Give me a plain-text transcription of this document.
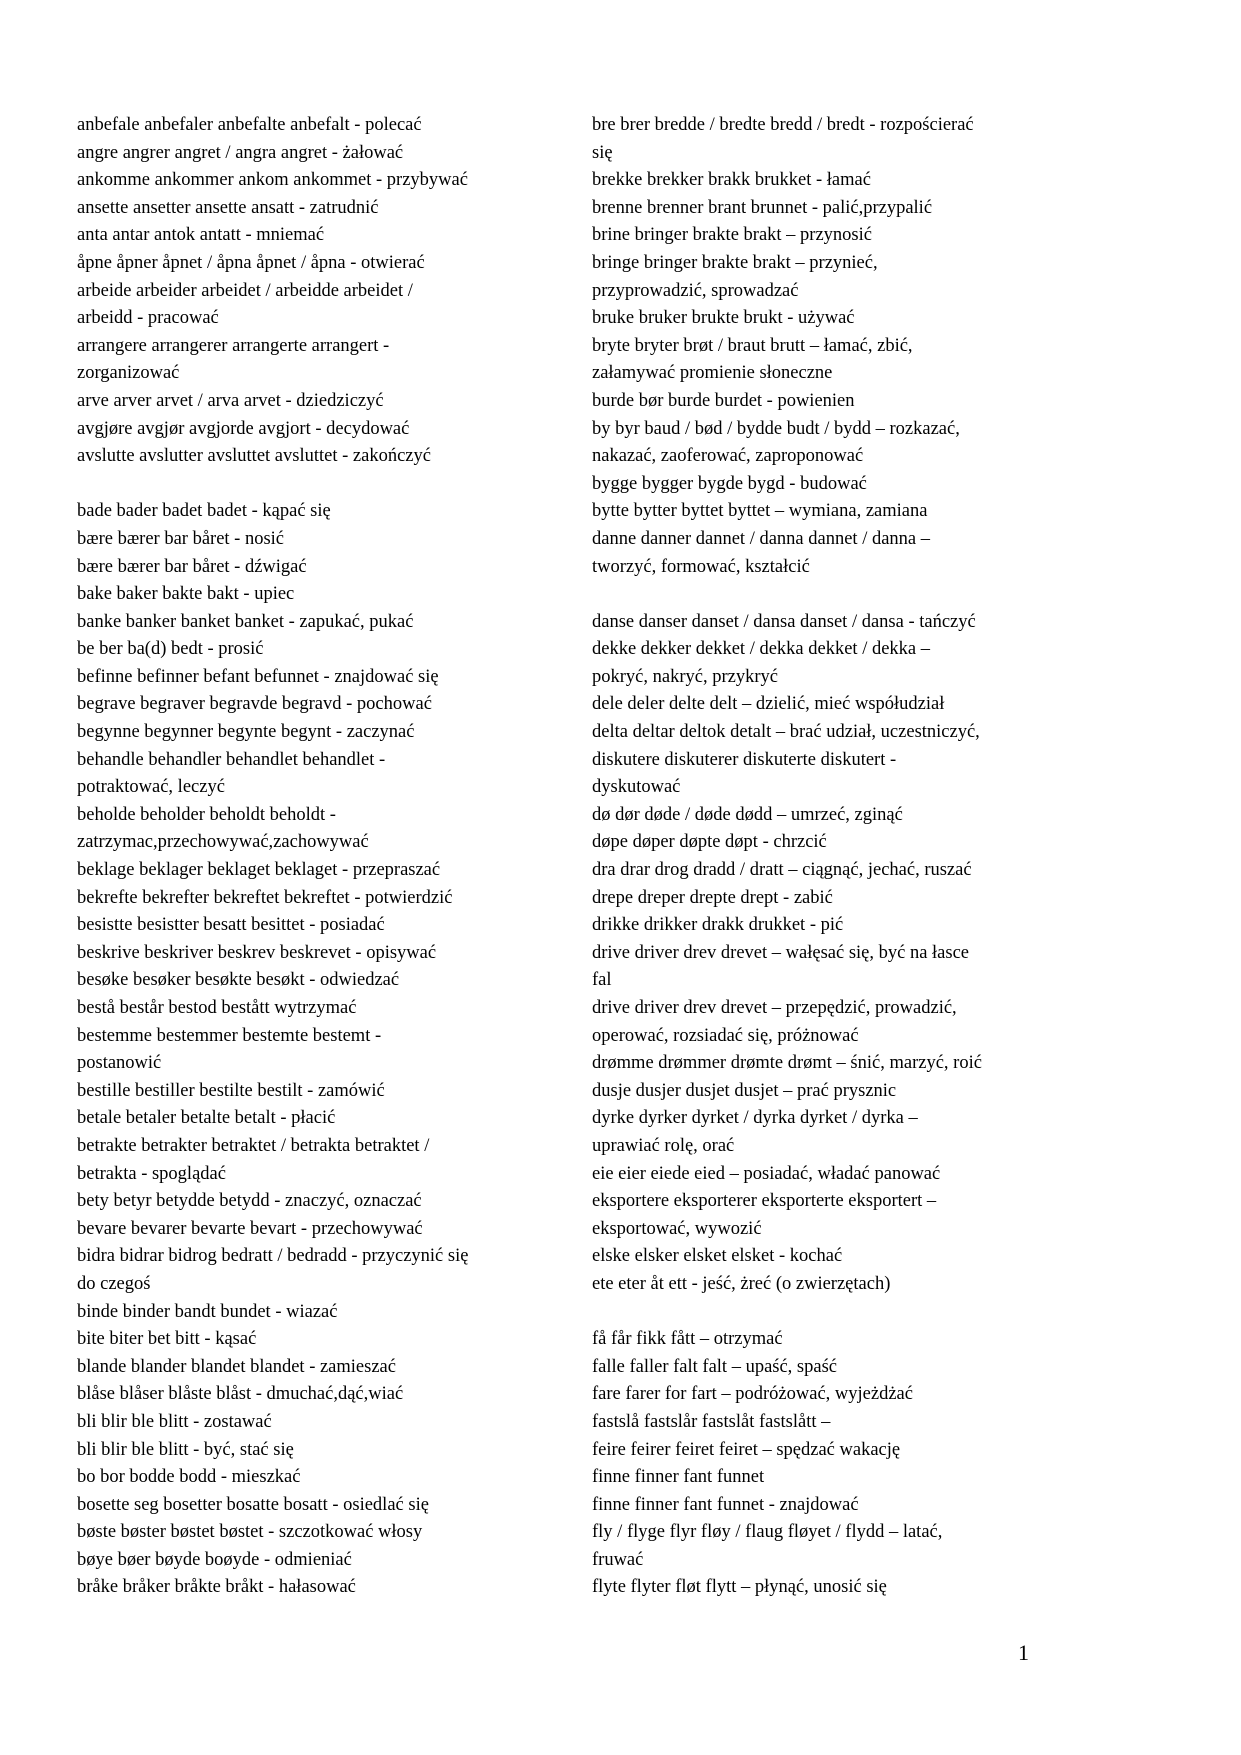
anbefale anbefaler anbefalte anbefalt - polecać
angre angrer angret / angra angret - żałować
ankomme ankommer ankom ankommet - przybywać
ansette ansetter ansette ansatt - zatrudnić
anta antar antok antatt - mniemać
åpne åpner åpnet / åpna åpnet / åpna - otwierać
arbeide arbeider arbeidet / arbeidde arbeidet /
arbeidd - pracować
arrangere arrangerer arrangerte arrangert -
zorganizować
arve arver arvet / arva arvet - dziedziczyć
avgjøre avgjør avgjorde avgjort - decydować
avslutte avslutter avsluttet avsluttet - zakończyć
bade bader badet badet - kąpać się
bære bærer bar båret - nosić
bære bærer bar båret - dźwigać
bake baker bakte bakt - upiec
banke banker banket banket - zapukać, pukać
be ber ba(d) bedt - prosić
befinne befinner befant befunnet - znajdować się
begrave begraver begravde begravd - pochować
begynne begynner begynte begynt - zaczynać
behandle behandler behandlet behandlet -
potraktować, leczyć
beholde beholder beholdt beholdt -
zatrzymac,przechowywać,zachowywać
beklage beklager beklaget beklaget - przepraszać
bekrefte bekrefter bekreftet bekreftet - potwierdzić
besistte besistter besatt besittet - posiadać
beskrive beskriver beskrev beskrevet - opisywać
besøke besøker besøkte besøkt - odwiedzać
bestå består bestod bestått wytrzymać
bestemme bestemmer bestemte bestemt -
postanowić
bestille bestiller bestilte bestilt - zamówić
betale betaler betalte betalt - płacić
betrakte betrakter betraktet / betrakta betraktet /
betrakta - spoglądać
bety betyr betydde betydd - znaczyć, oznaczać
bevare bevarer bevarte bevart - przechowywać
bidra bidrar bidrog bedratt / bedradd - przyczynić się
do czegoś
binde binder bandt bundet - wiazać
bite biter bet bitt - kąsać
blande blander blandet blandet - zamieszać
blåse blåser blåste blåst - dmuchać,dąć,wiać
bli blir ble blitt - zostawać
bli blir ble blitt - być, stać się
bo bor bodde bodd - mieszkać
bosette seg bosetter bosatte bosatt - osiedlać się
bøste bøster bøstet bøstet - szczotkować włosy
bøye bøer bøyde boøyde - odmieniać
bråke bråker bråkte bråkt - hałasować
bre brer bredde / bredte bredd / bredt - rozpościerać
się
brekke brekker brakk brukket - łamać
brenne brenner brant brunnet - palić,przypalić
brine bringer brakte brakt – przynosić
bringe bringer brakte brakt – przynieć,
przyprowadzić, sprowadzać
bruke bruker brukte brukt - używać
bryte bryter brøt / braut brutt – łamać, zbić,
załamywać promienie słoneczne
burde bør burde burdet - powienien
by byr baud / bød / bydde budt / bydd – rozkazać,
nakazać, zaoferować, zaproponować
bygge bygger bygde bygd - budować
bytte bytter byttet byttet – wymiana, zamiana
danne danner dannet / danna dannet / danna –
tworzyć, formować, kształcić
danse danser danset / dansa danset / dansa - tańczyć
dekke dekker dekket / dekka dekket / dekka –
pokryć, nakryć, przykryć
dele deler delte delt – dzielić, mieć współudział
delta deltar deltok detalt – brać udział, uczestniczyć,
diskutere diskuterer diskuterte diskutert -
dyskutować
dø dør døde / døde dødd – umrzeć, zginąć
døpe døper døpte døpt - chrzcić
dra drar drog dradd / dratt – ciągnąć, jechać, ruszać
drepe dreper drepte drept - zabić
drikke drikker drakk drukket - pić
drive driver drev drevet – wałęsać się, być na łasce
fal
drive driver drev drevet – przepędzić, prowadzić,
operować, rozsiadać się, próżnować
drømme drømmer drømte drømt – śnić, marzyć, roić
dusje dusjer dusjet dusjet – prać prysznic
dyrke dyrker dyrket / dyrka dyrket / dyrka –
uprawiać rolę, orać
eie eier eiede eied – posiadać, władać panować
eksportere eksporterer eksporterte eksportert –
eksportować, wywozić
elske elsker elsket elsket - kochać
ete eter åt ett - jeść, żreć (o zwierzętach)
få får fikk fått – otrzymać
falle faller falt falt – upaść, spaść
fare farer for fart – podróżować, wyjeżdżać
fastslå fastslår fastslåt fastslått –
feire feirer feiret feiret – spędzać wakację
finne finner fant funnet
finne finner fant funnet - znajdować
fly / flyge flyr fløy / flaug fløyet / flydd – latać,
fruwać
flyte flyter fløt flytt – płynąć, unosić się
1
